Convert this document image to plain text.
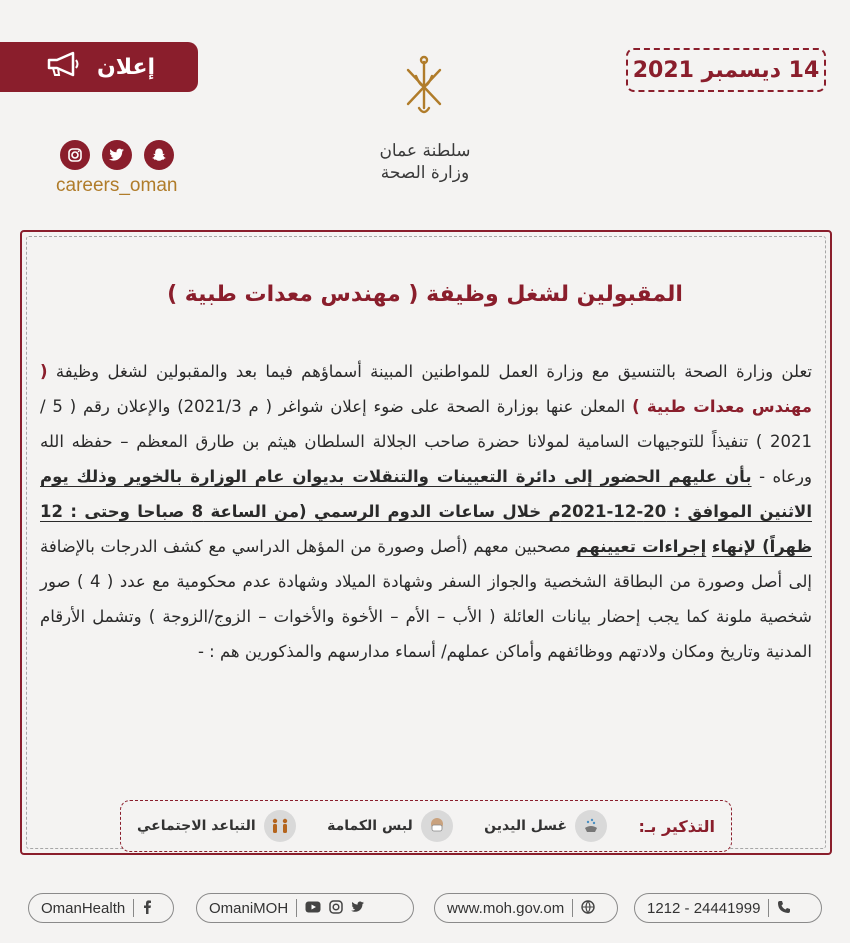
14 ديسمبر 2021
إعلان
careers_oman
سلطنة عمان
وزارة الصحة
المقبولين لشغل وظيفة ( مهندس معدات طبية )
تعلن وزارة الصحة بالتنسيق مع وزارة العمل للمواطنين المبينة أسماؤهم فيما بعد والمقبولين لشغل وظيفة ( مهندس معدات طبية ) المعلن عنها بوزارة الصحة على ضوء إعلان شواغر ( م 2021/3) والإعلان رقم ( 5 / 2021 ) تنفيذاً للتوجيهات السامية لمولانا حضرة صاحب الجلالة السلطان هيثم بن طارق المعظم – حفظه الله ورعاه - بأن عليهم الحضور إلى دائرة التعيينات والتنقلات بديوان عام الوزارة بالخوير وذلك يوم الاثنين الموافق : 20-12-2021م خلال ساعات الدوم الرسمي (من الساعة 8 صباحا وحتى : 12 ظهراً) لإنهاء إجراءات تعيينهم مصحبين معهم (أصل وصورة من المؤهل الدراسي مع كشف الدرجات بالإضافة إلى أصل وصورة من البطاقة الشخصية والجواز السفر وشهادة الميلاد وشهادة عدم محكومية مع عدد ( 4 ) صور شخصية ملونة كما يجب إحضار بيانات العائلة ( الأب – الأم – الأخوة والأخوات – الزوج/الزوجة ) وتشمل الأرقام المدنية وتاريخ ومكان ولادتهم ووظائفهم وأماكن عملهم/ أسماء مدارسهم والمذكورين هم : -
التذكير بـ:
غسل اليدين
لبس الكمامة
التباعد الاجتماعي
1212 - 24441999
www.moh.gov.om
OmaniMOH
OmanHealth
